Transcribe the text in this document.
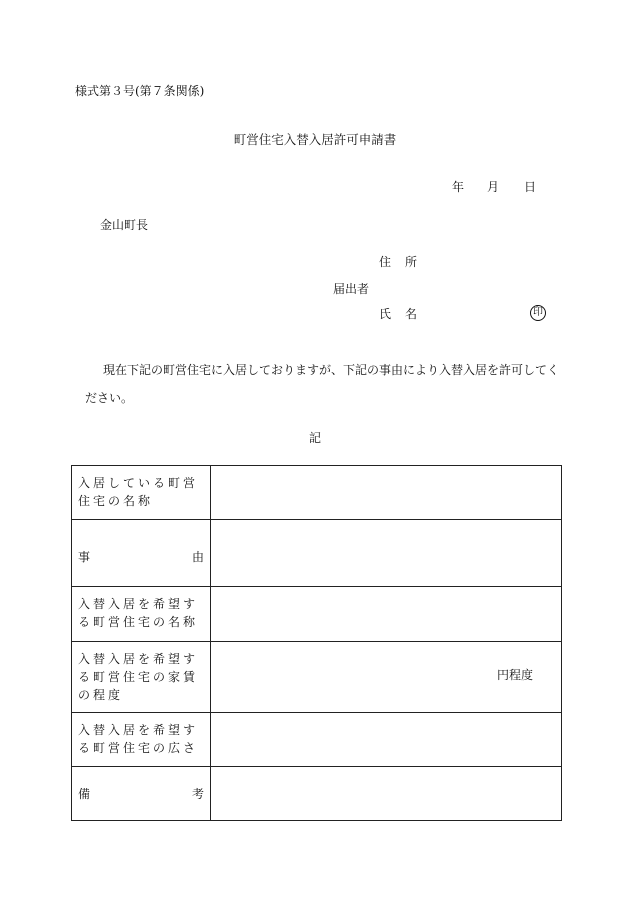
様式第３号(第７条関係)
町営住宅入替入居許可申請書
年 月 日
金山町長
住所
届出者
氏名	印
現在下記の町営住宅に入居しておりますが、下記の事由により入替入居を許可してください。
記
入居している町営住宅の名称	

事 由	

入替入居を希望する町営住宅の名称	
入替入居を希望する町営住宅の家賃の程度	円程度

入替入居を希望する町営住宅の広さ	

備 考	
